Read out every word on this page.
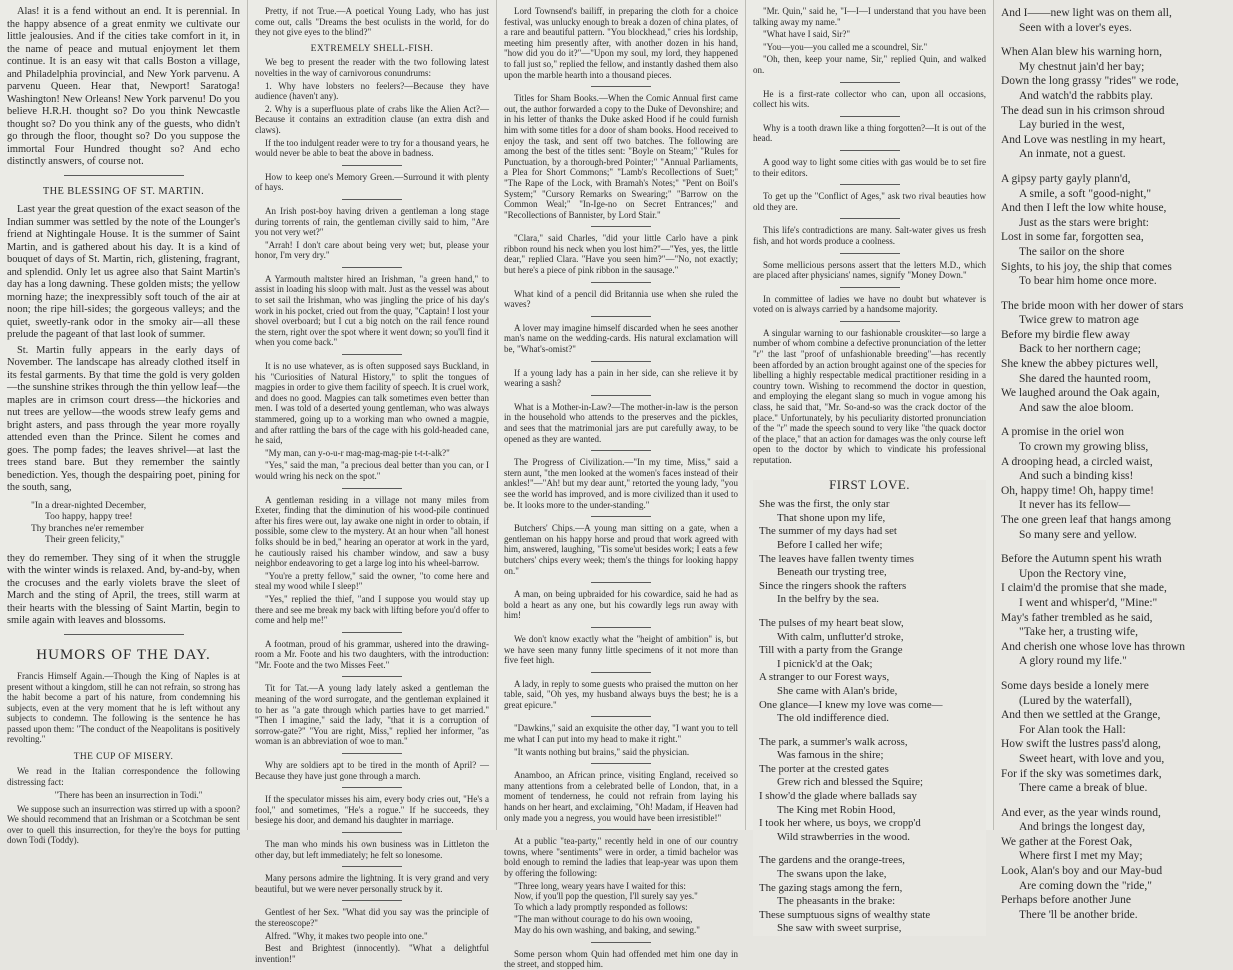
Alas! it is a fend without an end. It is perennial. In the happy absence of a great enmity we cultivate our little jealousies. And if the cities take comfort in it, in the name of peace and mutual enjoyment let them continue. It is an easy wit that calls Boston a village, and Philadelphia provincial, and New York parvenu. A parvenu Queen. Hear that, Newport! Saratoga! Washington! New Orleans! New York parvenu! Do you believe H.R.H. thought so? Do you think Newcastle thought so? Do you think any of the guests, who didn't go through the floor, thought so? Do you suppose the immortal Four Hundred thought so? And echo distinctly answers, of course not.

THE BLESSING OF ST. MARTIN.

Last year the great question of the exact season of the Indian summer was settled by the note of the Lounger's friend at Nightingale House. It is the summer of Saint Martin, and is gathered about his day. It is a kind of bouquet of days of St. Martin, rich, glistening, fragrant, and splendid. Only let us agree also that Saint Martin's day has a long dawning. These golden mists; the yellow morning haze; the inexpressibly soft touch of the air at noon; the ripe hill-sides; the gorgeous valleys; and the quiet, sweetly-rank odor in the smoky air—all these prelude the pageant of that last look of summer.

St. Martin fully appears in the early days of November. The landscape has already clothed itself in its festal garments. By that time the gold is very golden—the sunshine strikes through the thin yellow leaf—the maples are in crimson court dress—the hickories and nut trees are yellow—the woods strew leafy gems and bright asters, and pass through the year more royally attended even than the Prince. Silent he comes and goes. The pomp fades; the leaves shrivel—at last the trees stand bare. But they remember the saintly benediction. Yes, though the despairing poet, pining for the south, sang,

"In a drear-nighted December,
Too happy, happy tree!
Thy branches ne'er remember
Their green felicity,"

they do remember. They sing of it when the struggle with the winter winds is relaxed. And, by-and-by, when the crocuses and the early violets brave the sleet of March and the sting of April, the trees, still warm at their hearts with the blessing of Saint Martin, begin to smile again with leaves and blossoms.

HUMORS OF THE DAY.

Francis Himself Again.—Though the King of Naples is at present without a kingdom, still he can not refrain, so strong has the habit become a part of his nature, from condemning his subjects, even at the very moment that he is left without any subjects to condemn. The following is the sentence he has passed upon them: "The conduct of the Neapolitans is positively revolting."

THE CUP OF MISERY.

We read in the Italian correspondence the following distressing fact:

"There has been an insurrection in Todi."

We suppose such an insurrection was stirred up with a spoon? We should recommend that an Irishman or a Scotchman be sent over to quell this insurrection, for they're the boys for putting down Todi (Toddy).

Pretty, if not True.—A poetical Young Lady, who has just come out, calls "Dreams the best oculists in the world, for do they not give eyes to the blind?"

EXTREMELY SHELL-FISH.

We beg to present the reader with the two following latest novelties in the way of carnivorous conundrums:

1. Why have lobsters no feelers?—Because they have audience (haven't any).

2. Why is a superfluous plate of crabs like the Alien Act?—Because it contains an extradition clause (an extra dish and claws).

If the too indulgent reader were to try for a thousand years, he would never be able to beat the above in badness.

How to keep one's Memory Green.—Surround it with plenty of hays.

An Irish post-boy having driven a gentleman a long stage during torrents of rain, the gentleman civilly said to him, "Are you not very wet?"

"Arrah! I don't care about being very wet; but, please your honor, I'm very dry."

A Yarmouth maltster hired an Irishman, "a green hand," to assist in loading his sloop with malt. Just as the vessel was about to set sail the Irishman, who was jingling the price of his day's work in his pocket, cried out from the quay, "Captain! I lost your shovel overboard; but I cut a big notch on the rail fence round the stern, right over the spot where it went down; so you'll find it when you come back."

It is no use whatever, as is often supposed says Buckland, in his "Curiosities of Natural History," to split the tongues of magpies in order to give them facility of speech. It is cruel work, and does no good. Magpies can talk sometimes even better than men. I was told of a deserted young gentleman, who was always stammered, going up to a working man who owned a magpie, and after rattling the bars of the cage with his gold-headed cane, he said,

"My man, can y-o-u-r mag-mag-mag-pie t-t-t-alk?"

"Yes," said the man, "a precious deal better than you can, or I would wring his neck on the spot."

A gentleman residing in a village not many miles from Exeter, finding that the diminution of his wood-pile continued after his fires were out, lay awake one night in order to obtain, if possible, some clew to the mystery. At an hour when "all honest folks should be in bed," hearing an operator at work in the yard, he cautiously raised his chamber window, and saw a busy neighbor endeavoring to get a large log into his wheel-barrow.

"You're a pretty fellow," said the owner, "to come here and steal my wood while I sleep!"

"Yes," replied the thief, "and I suppose you would stay up there and see me break my back with lifting before you'd offer to come and help me!"

A footman, proud of his grammar, ushered into the drawing-room a Mr. Foote and his two daughters, with the introduction: "Mr. Foote and the two Misses Feet."

Tit for Tat.—A young lady lately asked a gentleman the meaning of the word surrogate, and the gentleman explained it to her as "a gate through which parties have to get married." "Then I imagine," said the lady, "that it is a corruption of sorrow-gate?" "You are right, Miss," replied her informer, "as woman is an abbreviation of woe to man."

Why are soldiers apt to be tired in the month of April? —Because they have just gone through a march.

If the speculator misses his aim, every body cries out, "He's a fool," and sometimes, "He's a rogue." If he succeeds, they besiege his door, and demand his daughter in marriage.

The man who minds his own business was in Littleton the other day, but left immediately; he felt so lonesome.

Many persons admire the lightning. It is very grand and very beautiful, but we were never personally struck by it.

Gentlest of her Sex. "What did you say was the principle of the stereoscope?"

Alfred. "Why, it makes two people into one."

Best and Brightest (innocently). "What a delightful invention!"

Lord Townsend's bailiff, in preparing the cloth for a choice festival, was unlucky enough to break a dozen of china plates, of a rare and beautiful pattern. "You blockhead," cries his lordship, meeting him presently after, with another dozen in his hand, "how did you do it?"—"Upon my soul, my lord, they happened to fall just so," replied the fellow, and instantly dashed them also upon the marble hearth into a thousand pieces.

Titles for Sham Books.—When the Comic Annual first came out, the author forwarded a copy to the Duke of Devonshire; and in his letter of thanks the Duke asked Hood if he could furnish him with some titles for a door of sham books. Hood received to enjoy the task, and sent off two batches. The following are among the best of the titles sent: "Boyle on Steam;" "Rules for Punctuation, by a thorough-bred Pointer;" "Annual Parliaments, a Plea for Short Commons;" "Lamb's Recollections of Suet;" "The Rape of the Lock, with Bramah's Notes;" "Pent on Boil's System;" "Cursory Remarks on Swearing;" "Barrow on the Common Weal;" "In-Ige-no on Secret Entrances;" and "Recollections of Bannister, by Lord Stair."

"Clara," said Charles, "did your little Carlo have a pink ribbon round his neck when you lost him?"—"Yes, yes, the little dear," replied Clara. "Have you seen him?"—"No, not exactly; but here's a piece of pink ribbon in the sausage."

What kind of a pencil did Britannia use when she ruled the waves?

A lover may imagine himself discarded when he sees another man's name on the wedding-cards. His natural exclamation will be, "What's-omist?"

If a young lady has a pain in her side, can she relieve it by wearing a sash?

What is a Mother-in-Law?—The mother-in-law is the person in the household who attends to the preserves and the pickles, and sees that the matrimonial jars are put carefully away, to be opened as they are wanted.

The Progress of Civilization.—"In my time, Miss," said a stern aunt, "the men looked at the women's faces instead of their ankles!"—"Ah! but my dear aunt," retorted the young lady, "you see the world has improved, and is more civilized than it used to be. It looks more to the under-standing."

Butchers' Chips.—A young man sitting on a gate, when a gentleman on his happy horse and proud that work agreed with him, answered, laughing, "Tis some'ut besides work; I eats a few butchers' chips every week; them's the things for looking happy on."

A man, on being upbraided for his cowardice, said he had as bold a heart as any one, but his cowardly legs run away with him!

We don't know exactly what the "height of ambition" is, but we have seen many funny little specimens of it not more than five feet high.

A lady, in reply to some guests who praised the mutton on her table, said, "Oh yes, my husband always buys the best; he is a great epicure."

"Dawkins," said an exquisite the other day, "I want you to tell me what I can put into my head to make it right."

"It wants nothing but brains," said the physician.

Anamboo, an African prince, visiting England, received so many attentions from a celebrated belle of London, that, in a moment of tenderness, he could not refrain from laying his hands on her heart, and exclaiming, "Oh! Madam, if Heaven had only made you a negress, you would have been irresistible!"

At a public "tea-party," recently held in one of our country towns, where "sentiments" were in order, a timid bachelor was bold enough to remind the ladies that leap-year was upon them by offering the following:

"Three long, weary years have I waited for this:
Now, if you'll pop the question, I'll surely say yes."

To which a lady promptly responded as follows:

"The man without courage to do his own wooing,
May do his own washing, and baking, and sewing."

Some person whom Quin had offended met him one day in the street, and stopped him.

"Mr. Quin," said he, "I—I—I understand that you have been talking away my name."

"What have I said, Sir?"

"You—you—you called me a scoundrel, Sir."

"Oh, then, keep your name, Sir," replied Quin, and walked on.

He is a first-rate collector who can, upon all occasions, collect his wits.

Why is a tooth drawn like a thing forgotten?—It is out of the head.

A good way to light some cities with gas would be to set fire to their editors.

To get up the "Conflict of Ages," ask two rival beauties how old they are.

This life's contradictions are many. Salt-water gives us fresh fish, and hot words produce a coolness.

Some mellicious persons assert that the letters M.D., which are placed after physicians' names, signify "Money Down."

In committee of ladies we have no doubt but whatever is voted on is always carried by a handsome majority.

A singular warning to our fashionable crouskiter—so large a number of whom combine a defective pronunciation of the letter "r" the last "proof of unfashionable breeding"—has recently been afforded by an action brought against one of the species for libelling a highly respectable medical practitioner residing in a country town. Wishing to recommend the doctor in question, and employing the elegant slang so much in vogue among his class, he said that, "Mr. So-and-so was the crack doctor of the place." Unfortunately, by his peculiarity distorted pronunciation of the "r" made the speech sound to very like "the quack doctor of the place," that an action for damages was the only course left open to the doctor by which to vindicate his professional reputation.

FIRST LOVE.
She was the first, the only star
That shone upon my life,
The summer of my days had set
Before I called her wife;
The leaves have fallen twenty times
Beneath our trysting tree,
Since the ringers shook the rafters
In the belfry by the sea.
The pulses of my heart beat slow,
With calm, unflutter'd stroke,
Till with a party from the Grange
I picnick'd at the Oak;
A stranger to our Forest ways,
She came with Alan's bride,
One glance—I knew my love was come—
The old indifference died.
The park, a summer's walk across,
Was famous in the shire;
The porter at the crested gates
Grew rich and blessed the Squire;
I show'd the glade where ballads say
The King met Robin Hood,
I took her where, us boys, we cropp'd
Wild strawberries in the wood.
The gardens and the orange-trees,
The swans upon the lake,
The gazing stags among the fern,
The pheasants in the brake:
These sumptuous signs of wealthy state
She saw with sweet surprise,
And I——new light was on them all,
Seen with a lover's eyes.
When Alan blew his warning horn,
My chestnut jain'd her bay;
Down the long grassy "rides" we rode,
And watch'd the rabbits play.
The dead sun in his crimson shroud
Lay buried in the west,
And Love was nestling in my heart,
An inmate, not a guest.
A gipsy party gayly plann'd,
A smile, a soft "good-night,"
And then I left the low white house,
Just as the stars were bright:
Lost in some far, forgotten sea,
The sailor on the shore
Sights, to his joy, the ship that comes
To bear him home once more.
The bride moon with her dower of stars
Twice grew to matron age
Before my birdie flew away
Back to her northern cage;
She knew the abbey pictures well,
She dared the haunted room,
We laughed around the Oak again,
And saw the aloe bloom.
A promise in the oriel won
To crown my growing bliss,
A drooping head, a circled waist,
And such a binding kiss!
Oh, happy time! Oh, happy time!
It never has its fellow—
The one green leaf that hangs among
So many sere and yellow.
Before the Autumn spent his wrath
Upon the Rectory vine,
I claim'd the promise that she made,
I went and whisper'd, "Mine:"
May's father trembled as he said,
"Take her, a trusting wife,
And cherish one whose love has thrown
A glory round my life."
Some days beside a lonely mere
(Lured by the waterfall),
And then we settled at the Grange,
For Alan took the Hall:
How swift the lustres pass'd along,
Sweet heart, with love and you,
For if the sky was sometimes dark,
There came a break of blue.
And ever, as the year winds round,
And brings the longest day,
We gather at the Forest Oak,
Where first I met my May;
Look, Alan's boy and our May-bud
Are coming down the "ride,"
Perhaps before another June
There 'll be another bride.
